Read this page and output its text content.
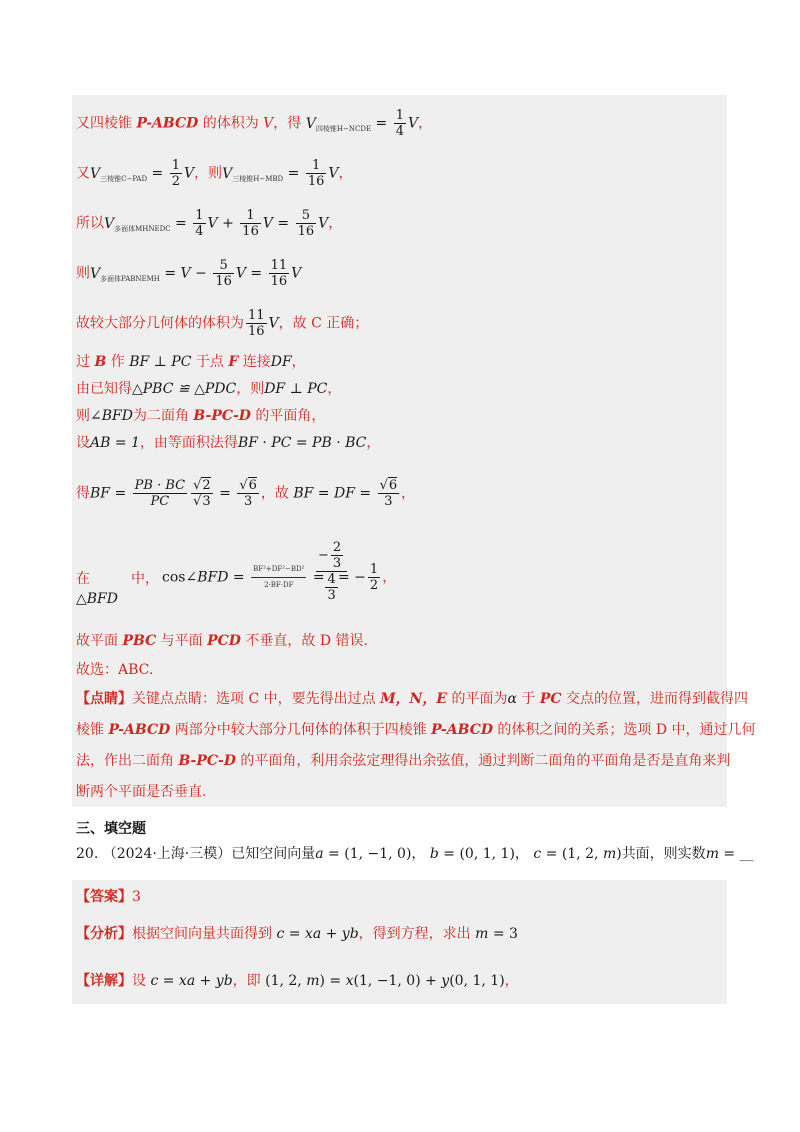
又四棱锥 P-ABCD 的体积为 V，得 $V_{四棱锥H-NCDE} = \frac{1}{4}$ V，
又$V_{三棱锥C-PAD} = \frac{1}{2}$ V，则$V_{三棱锥H-MBD} = \frac{1}{16}$ V，
所以$V_{多面体MHNEDC} = \frac{1}{4}$ $V + \frac{1}{16}$ $V = \frac{5}{16}$ V，
则$V_{多面体PABNEMH} = V - \frac{5}{16}$ $V = \frac{11}{16}$ V
故较大部分几何体的体积为 $\frac{11}{16}$ V，故 C 正确；
过 B 作 BF ⊥ PC 于点 F 连接DF，
由已知得△PBC ≌ △PDC，则DF ⊥ PC，
则∠BFD为二面角 B-PC-D 的平面角，
设AB = 1，由等面积法得BF · PC = PB · BC，
得BF = $\frac{PB \cdot BC}{PC} \frac{√2}{√3} = \frac{√6}{3}$ ，故 BF = DF = $\frac{√6}{3}$ ，
在	中，
△BFD
cos∠BFD = $\frac{\text{BF²+DF²−BD²}}{2\cdot BF\cdot DF}$ =
$\frac{- \frac{2}{3}}{\frac{4}{3}}$
= − $\frac{1}{2}$ ，
故平面 PBC 与平面 PCD 不垂直，故 D 错误.
故选：ABC.
【点睛】关键点点睛：选项 C 中，要先得出过点 M，N，E 的平面为α 于 PC 交点的位置，进而得到截得四
棱锥 P-ABCD 两部分中较大部分几何体的体积于四棱锥 P-ABCD 的体积之间的关系；选项 D 中，通过几何
法，作出二面角 B-PC-D 的平面角，利用余弦定理得出余弦值，通过判断二面角的平面角是否是直角来判
断两个平面是否垂直.
三、填空题
20. （2024·上海·三模）已知空间向量a = (1, −1, 0)， b = (0, 1, 1)， c = (1, 2, m)共面，则实数m = __
【答案】3
【分析】根据空间向量共面得到 c = xa + yb，得到方程，求出 m = 3
【详解】设 c = xa + yb，即 (1, 2, m) = x(1, −1, 0) + y(0, 1, 1)，
